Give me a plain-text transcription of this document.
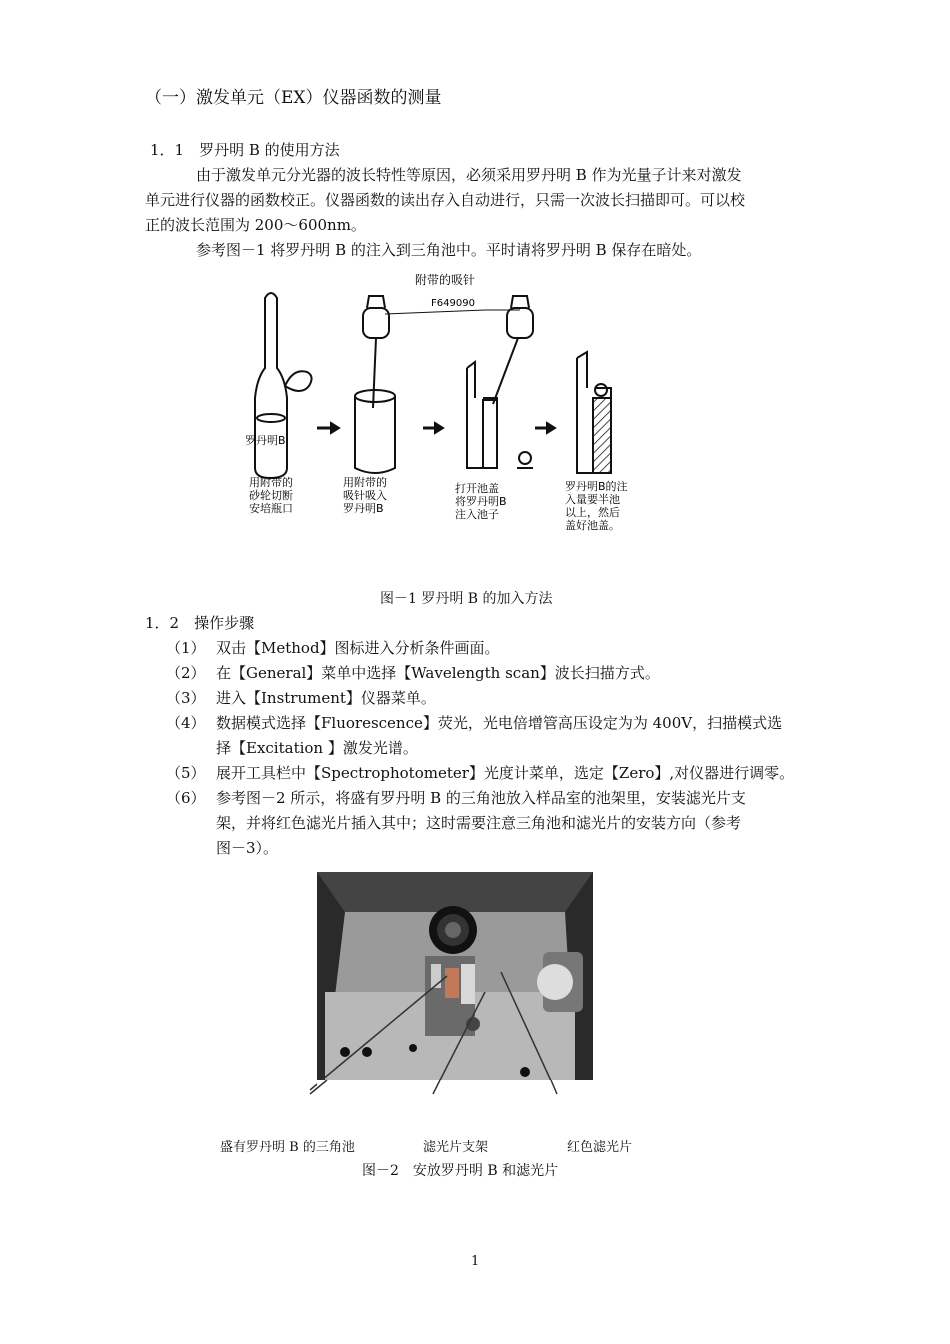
（一）激发单元（EX）仪器函数的测量
1．1　罗丹明 B 的使用方法
由于激发单元分光器的波长特性等原因，必须采用罗丹明 B 作为光量子计来对激发
单元进行仪器的函数校正。仪器函数的读出存入自动进行，只需一次波长扫描即可。可以校
正的波长范围为 200～600nm。
参考图－1 将罗丹明 B 的注入到三角池中。平时请将罗丹明 B 保存在暗处。
附带的吸针
F649090
罗丹明B
用附带的
砂轮切断
安培瓶口
用附带的
吸针吸入
罗丹明B
打开池盖
将罗丹明B
注入池子
罗丹明B的注
入量要半池
以上，然后
盖好池盖。
图－1 罗丹明 B 的加入方法
1．2　操作步骤
（1） 双击【Method】图标进入分析条件画面。
（2） 在【General】菜单中选择【Wavelength scan】波长扫描方式。
（3） 进入【Instrument】仪器菜单。
（4） 数据模式选择【Fluorescence】荧光，光电倍增管高压设定为为 400V，扫描模式选
择【Excitation 】激发光谱。
（5） 展开工具栏中【Spectrophotometer】光度计菜单，选定【Zero】,对仪器进行调零。
（6） 参考图－2 所示，将盛有罗丹明 B 的三角池放入样品室的池架里，安装滤光片支
架，并将红色滤光片插入其中；这时需要注意三角池和滤光片的安装方向（参考
图－3）。
盛有罗丹明 B 的三角池	滤光片支架	红色滤光片
图－2　安放罗丹明 B 和滤光片
1
